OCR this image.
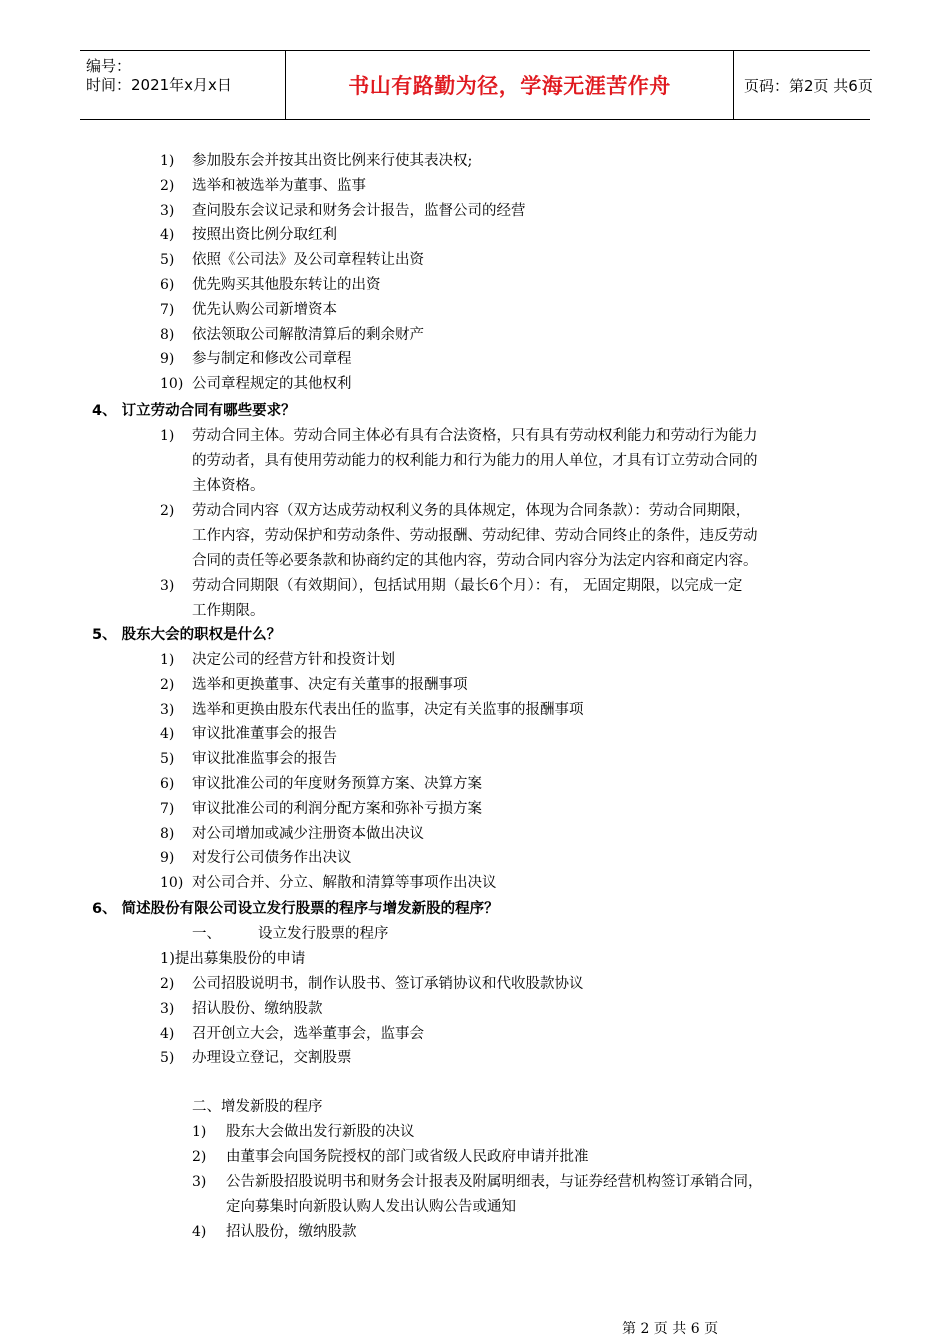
编号：
时间：2021年x月x日	书山有路勤为径，学海无涯苦作舟	页码：第2页 共6页
1) 参加股东会并按其出资比例来行使其表决权;
2) 选举和被选举为董事、监事
3) 查问股东会议记录和财务会计报告，监督公司的经营
4) 按照出资比例分取红利
5) 依照《公司法》及公司章程转让出资
6) 优先购买其他股东转让的出资
7) 优先认购公司新增资本
8) 依法领取公司解散清算后的剩余财产
9) 参与制定和修改公司章程
10) 公司章程规定的其他权利
4、 订立劳动合同有哪些要求？
1) 劳动合同主体。劳动合同主体必有具有合法资格，只有具有劳动权利能力和劳动行为能力
的劳动者，具有使用劳动能力的权利能力和行为能力的用人单位，才具有订立劳动合同的
主体资格。
2) 劳动合同内容（双方达成劳动权利义务的具体规定，体现为合同条款）：劳动合同期限，
工作内容，劳动保护和劳动条件、劳动报酬、劳动纪律、劳动合同终止的条件，违反劳动
合同的责任等必要条款和协商约定的其他内容，劳动合同内容分为法定内容和商定内容。
3) 劳动合同期限（有效期间），包括试用期（最长6个月）：有， 无固定期限，以完成一定
工作期限。
5、 股东大会的职权是什么？
1) 决定公司的经营方针和投资计划
2) 选举和更换董事、决定有关董事的报酬事项
3) 选举和更换由股东代表出任的监事，决定有关监事的报酬事项
4) 审议批准董事会的报告
5) 审议批准监事会的报告
6) 审议批准公司的年度财务预算方案、决算方案
7) 审议批准公司的利润分配方案和弥补亏损方案
8) 对公司增加或减少注册资本做出决议
9) 对发行公司债务作出决议
10) 对公司合并、分立、解散和清算等事项作出决议
6、 简述股份有限公司设立发行股票的程序与增发新股的程序？
一、	设立发行股票的程序
1)提出募集股份的申请
2) 公司招股说明书，制作认股书、签订承销协议和代收股款协议
3) 招认股份、缴纳股款
4) 召开创立大会，选举董事会，监事会
5) 办理设立登记，交割股票
二、增发新股的程序
1) 股东大会做出发行新股的决议
2) 由董事会向国务院授权的部门或省级人民政府申请并批准
3) 公告新股招股说明书和财务会计报表及附属明细表，与证券经营机构签订承销合同，
定向募集时向新股认购人发出认购公告或通知
4) 招认股份，缴纳股款
第 2 页 共 6 页
